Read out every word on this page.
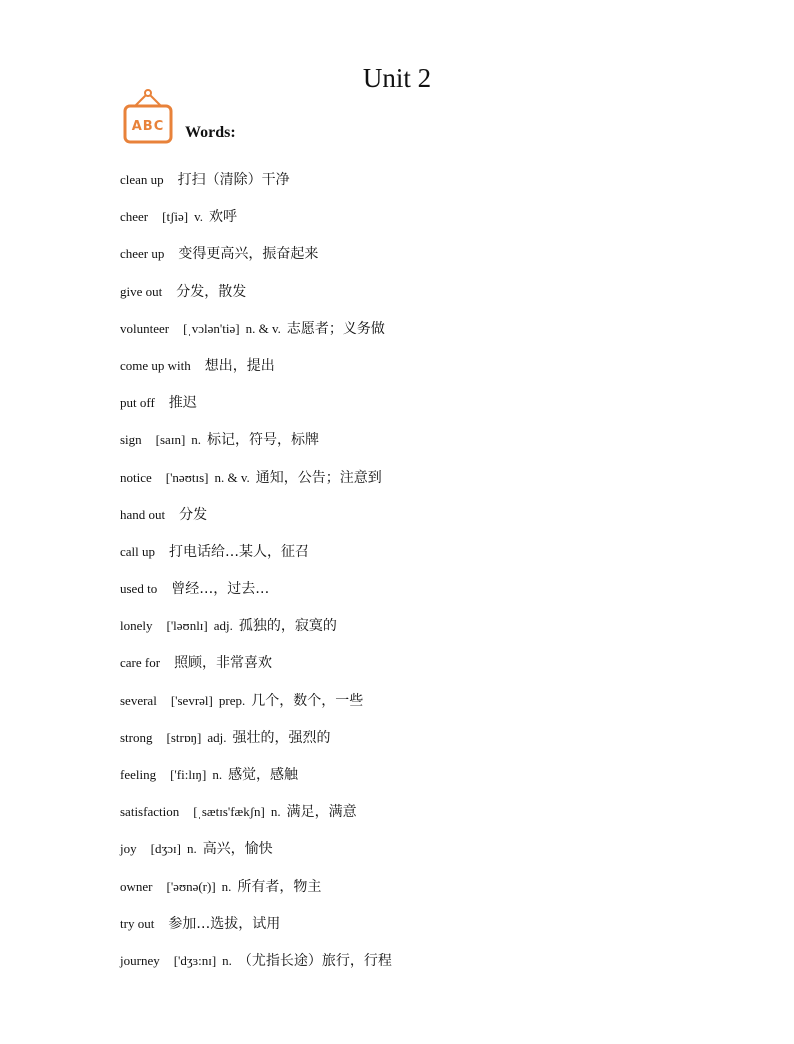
Unit 2
ABC Words:
clean up 打扫（清除）干净
cheer [tʃiə] v. 欢呼
cheer up 变得更高兴，振奋起来
give out 分发，散发
volunteer [ˌvɔlən'tiə] n. & v. 志愿者；义务做
come up with 想出，提出
put off 推迟
sign [saɪn] n. 标记，符号，标牌
notice ['nəʊtɪs] n. & v. 通知，公告；注意到
hand out 分发
call up 打电话给…某人，征召
used to 曾经…，过去…
lonely ['ləʊnlɪ] adj. 孤独的，寂寞的
care for 照顾，非常喜欢
several ['sevrəl] prep. 几个，数个，一些
strong [strɒŋ] adj. 强壮的，强烈的
feeling ['fi:lɪŋ] n. 感觉，感触
satisfaction [ˌsætɪs'fækʃn] n. 满足，满意
joy [dʒɔɪ] n. 高兴，愉快
owner ['əʊnə(r)] n. 所有者，物主
try out 参加…选拔，试用
journey ['dʒɜ:nɪ] n. （尤指长途）旅行，行程
